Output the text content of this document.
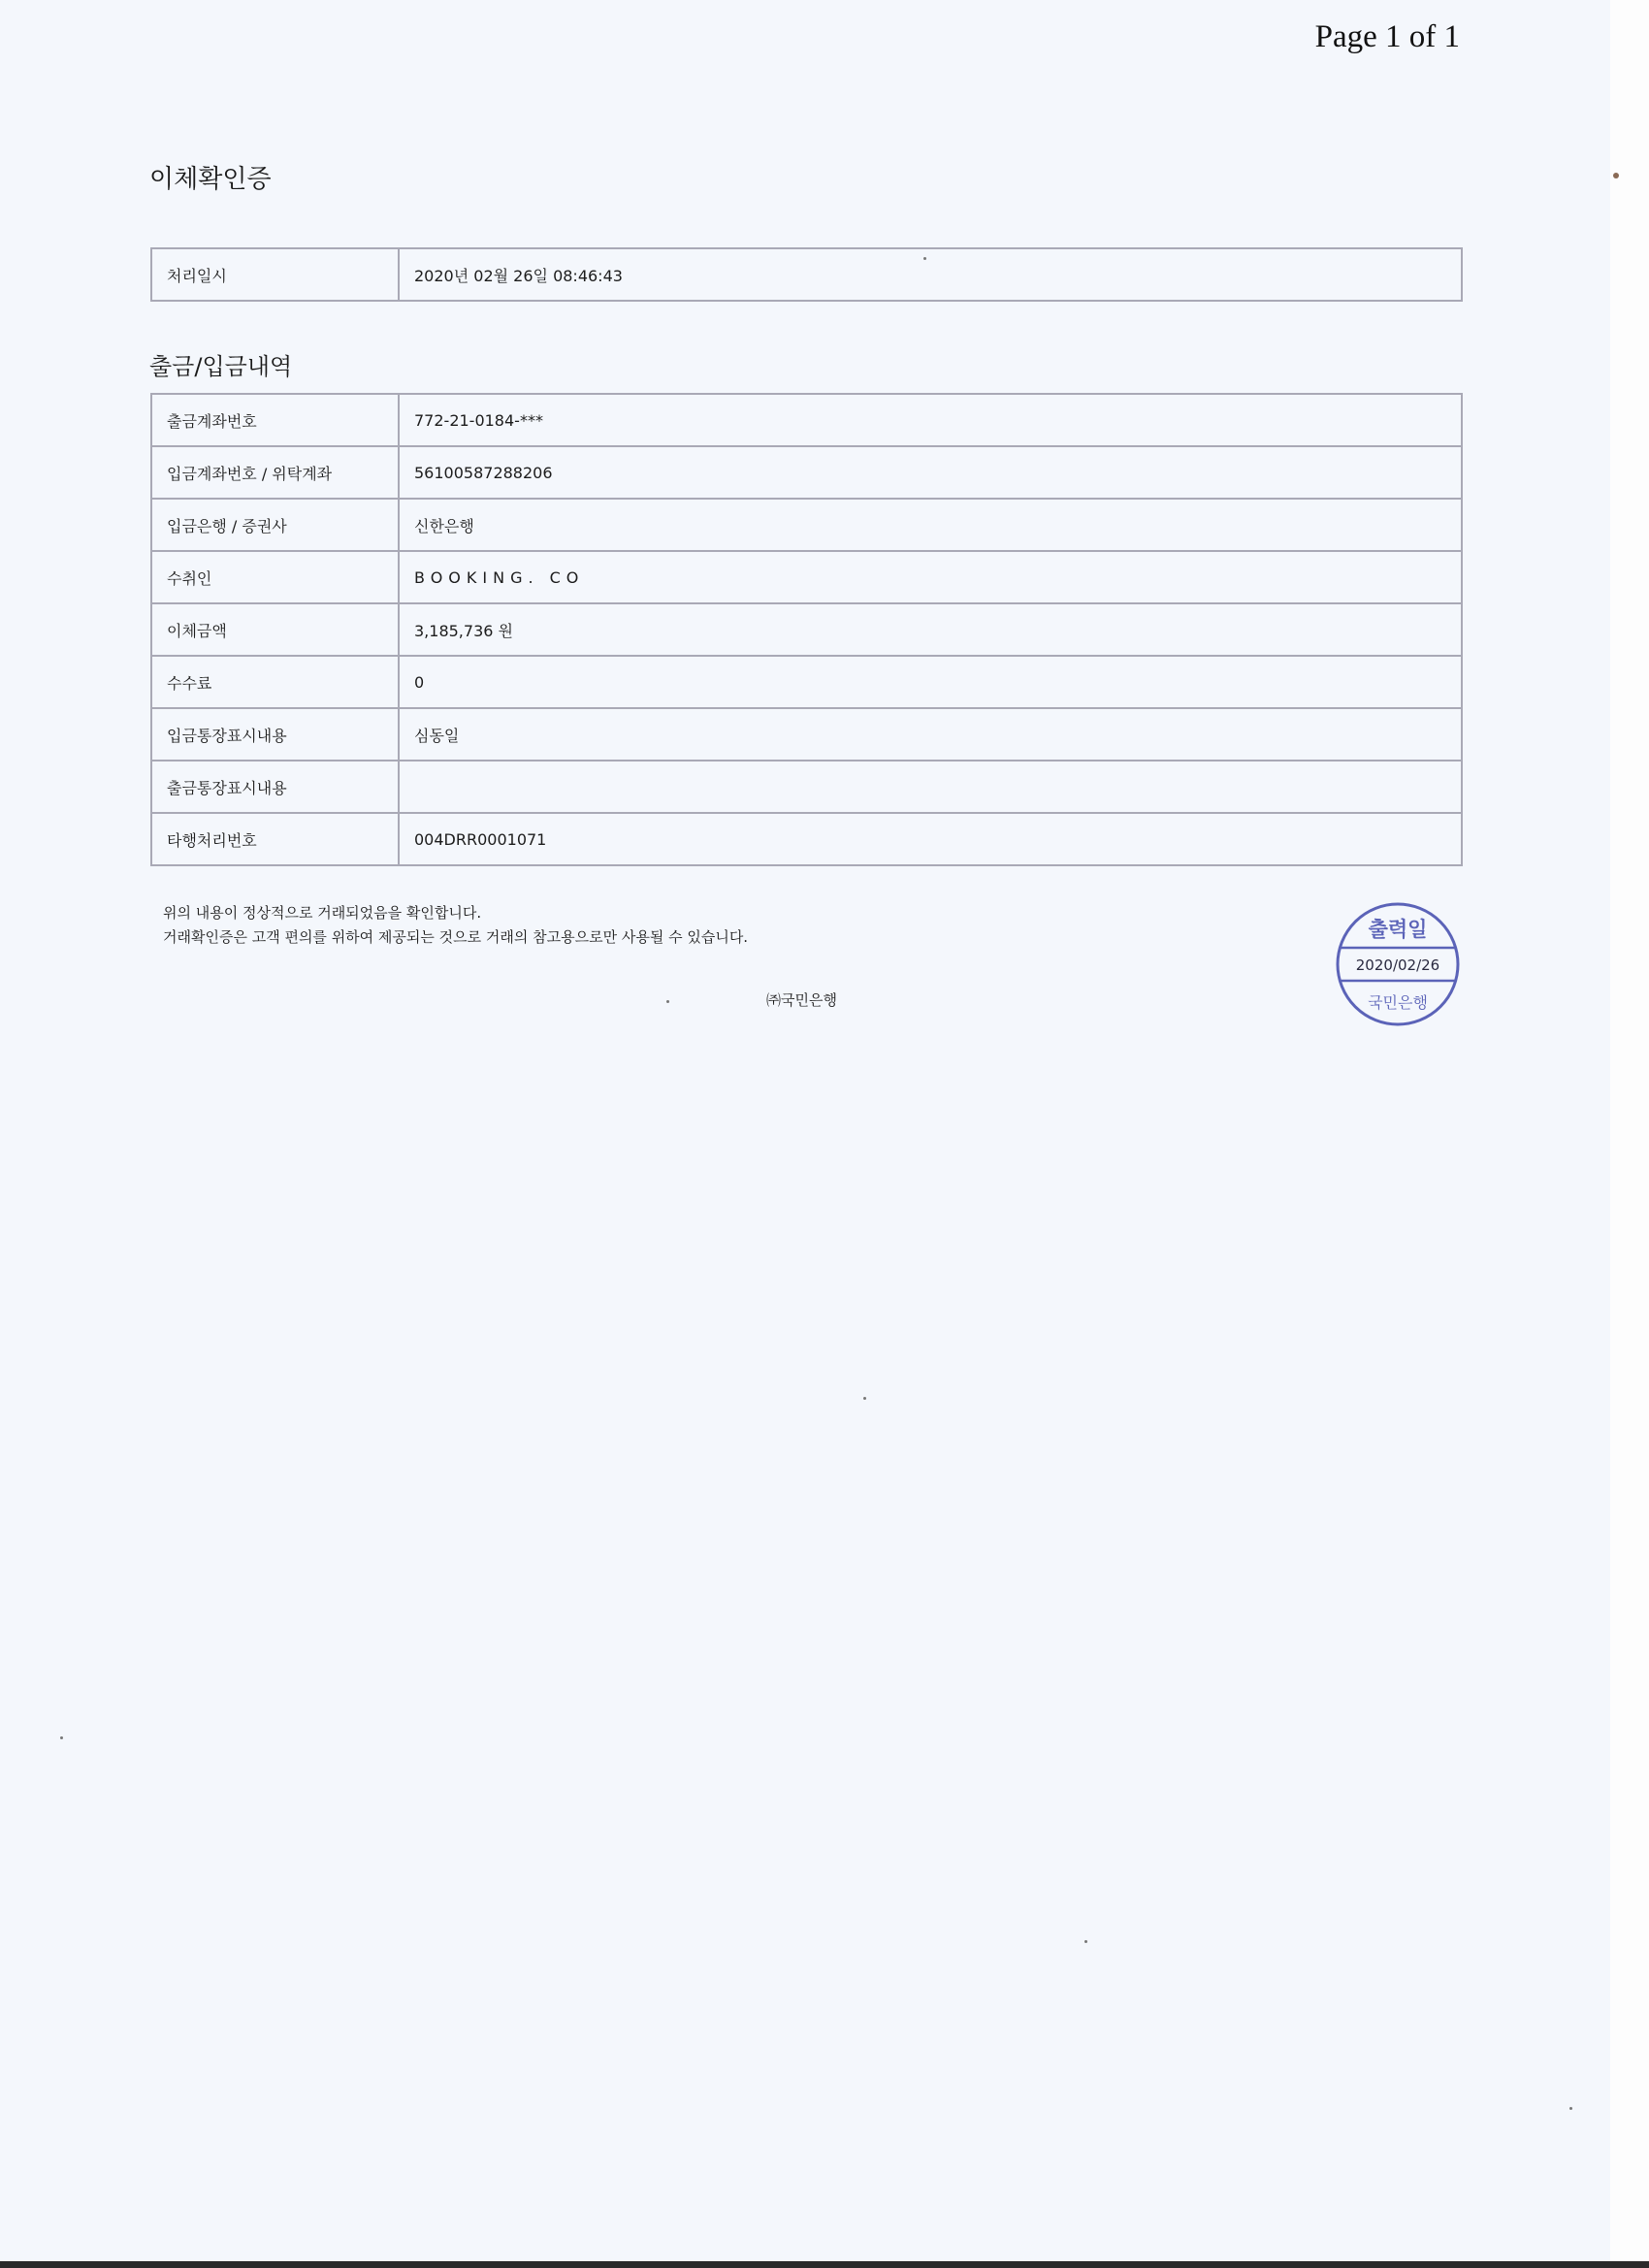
Page 1 of 1
이체확인증
처리일시	2020년 02월 26일 08:46:43
출금/입금내역
출금계좌번호	772-21-0184-***
입금계좌번호 / 위탁계좌	56100587288206
입금은행 / 증권사	신한은행
수취인	BOOKING. CO
이체금액	3,185,736 원
수수료	0
입금통장표시내용	심동일
출금통장표시내용	
타행처리번호	004DRR0001071
위의 내용이 정상적으로 거래되었음을 확인합니다.
거래확인증은 고객 편의를 위하여 제공되는 것으로 거래의 참고용으로만 사용될 수 있습니다.
㈜국민은행
출력일
2020/02/26
국민은행
